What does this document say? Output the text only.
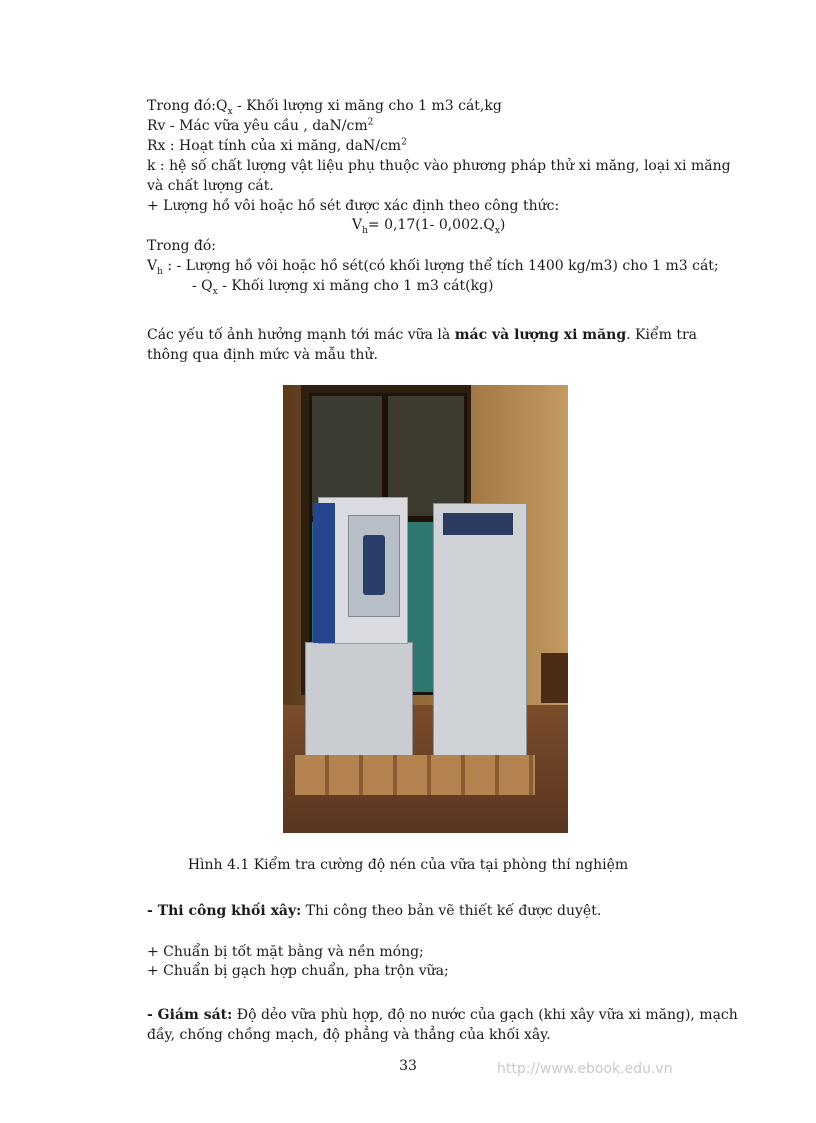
Trong $đó:Q_x$ - Khối lượng xi măng cho 1 m3 cát,kg
Rv - Mác vữa yêu cầu , daN/$cm^2$
Rx : Hoạt tính của xi măng, daN/$cm^2$
k : hệ số chất lượng vật liệu phụ thuộc vào phương pháp thử xi măng, loại xi măng
và chất lượng cát.
+ Lượng hồ vôi hoặc hồ sét được xác định theo công thức:
$V_h= 0,17(1-$ $0,002.Q_x$)
Trong đó:
$V_h$ : - Lượng hồ vôi hoặc hồ sét(có khối lượng thể tích 1400 kg/m3) cho 1 m3 cát;
- $Q_x$ - Khối lượng xi măng cho 1 m3 cát(kg)
Các yếu tố ảnh hưởng mạnh tới mác vữa là mác và lượng xi măng. Kiểm tra
thông qua định mức và mẫu thử.
Hình 4.1 Kiểm tra cường độ nén của vữa tại phòng thí nghiệm
- Thi công khối xây: Thi công theo bản vẽ thiết kế được duyệt.
+ Chuẩn bị tốt mặt bằng và nền móng;
+ Chuẩn bị gạch hợp chuẩn, pha trộn vữa;
- Giám sát: Độ dẻo vữa phù hợp, độ no nước của gạch (khi xây vữa xi măng), mạch
đầy, chống chồng mạch, độ phẳng và thẳng của khối xây.
33	http://www.ebook.edu.vn
